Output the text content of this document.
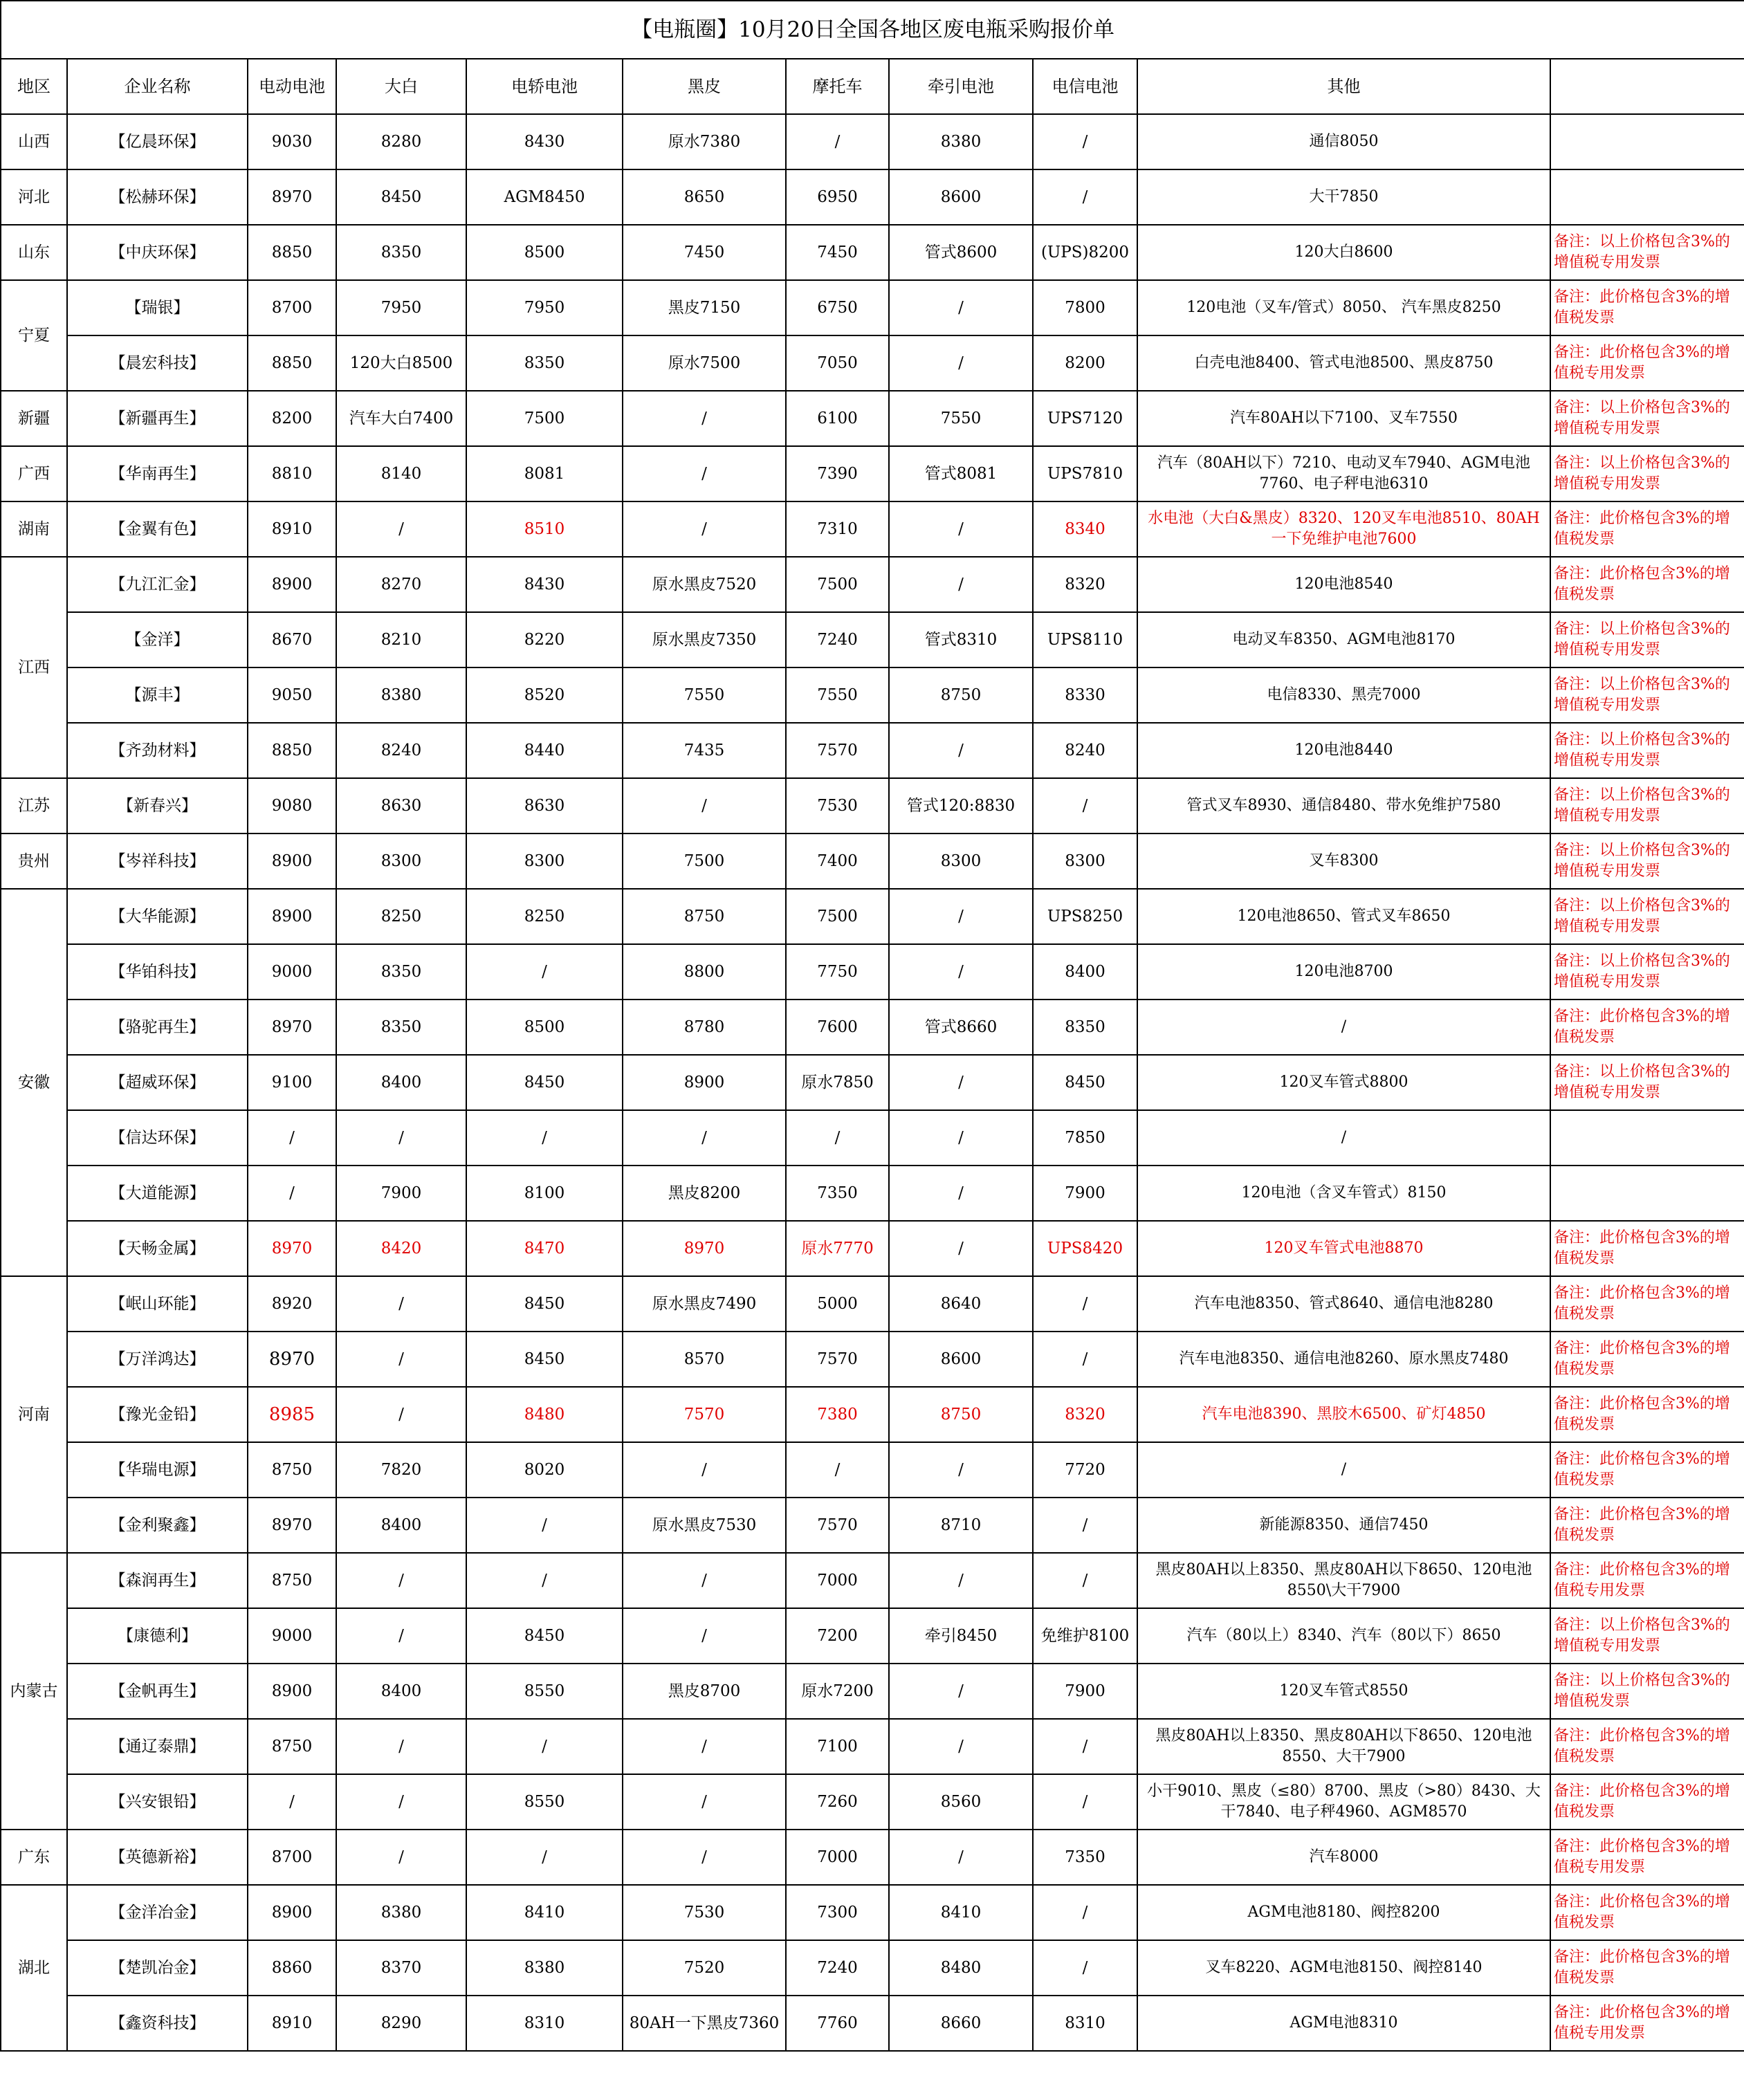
【电瓶圈】10月20日全国各地区废电瓶采购报价单										
地区	企业名称	电动电池	大白	电轿电池	黑皮	摩托车	牵引电池	电信电池	其他	
山西	【亿晨环保】	9030	8280	8430	原水7380	/	8380	/	通信8050	
河北	【松赫环保】	8970	8450	AGM8450	8650	6950	8600	/	大干7850	
山东	【中庆环保】	8850	8350	8500	7450	7450	管式8600	(UPS)8200	120大白8600	备注：以上价格包含3%的增值税专用发票
宁夏	【瑞银】	8700	7950	7950	黑皮7150	6750	/	7800	120电池（叉车/管式）8050、 汽车黑皮8250	备注：此价格包含3%的增值税发票
	【晨宏科技】	8850	120大白8500	8350	原水7500	7050	/	8200	白壳电池8400、管式电池8500、黑皮8750	备注：此价格包含3%的增值税专用发票
新疆	【新疆再生】	8200	汽车大白7400	7500	/	6100	7550	UPS7120	汽车80AH以下7100、叉车7550	备注：以上价格包含3%的增值税专用发票
广西	【华南再生】	8810	8140	8081	/	7390	管式8081	UPS7810	汽车（80AH以下）7210、电动叉车7940、AGM电池7760、电子秤电池6310	备注：以上价格包含3%的增值税专用发票
湖南	【金翼有色】	8910	/	8510	/	7310	/	8340	水电池（大白&黑皮）8320、120叉车电池8510、80AH一下免维护电池7600	备注：此价格包含3%的增值税发票
江西	【九江汇金】	8900	8270	8430	原水黑皮7520	7500	/	8320	120电池8540	备注：此价格包含3%的增值税发票
	【金洋】	8670	8210	8220	原水黑皮7350	7240	管式8310	UPS8110	电动叉车8350、AGM电池8170	备注：以上价格包含3%的增值税专用发票
	【源丰】	9050	8380	8520	7550	7550	8750	8330	电信8330、黑壳7000	备注：以上价格包含3%的增值税专用发票
	【齐劲材料】	8850	8240	8440	7435	7570	/	8240	120电池8440	备注：以上价格包含3%的增值税专用发票
江苏	【新春兴】	9080	8630	8630	/	7530	管式120:8830	/	管式叉车8930、通信8480、带水免维护7580	备注：以上价格包含3%的增值税专用发票
贵州	【岑祥科技】	8900	8300	8300	7500	7400	8300	8300	叉车8300	备注：以上价格包含3%的增值税专用发票
安徽	【大华能源】	8900	8250	8250	8750	7500	/	UPS8250	120电池8650、管式叉车8650	备注：以上价格包含3%的增值税专用发票
	【华铂科技】	9000	8350	/	8800	7750	/	8400	120电池8700	备注：以上价格包含3%的增值税专用发票
	【骆驼再生】	8970	8350	8500	8780	7600	管式8660	8350	/	备注：此价格包含3%的增值税发票
	【超威环保】	9100	8400	8450	8900	原水7850	/	8450	120叉车管式8800	备注：以上价格包含3%的增值税专用发票
	【信达环保】	/	/	/	/	/	/	7850	/	
	【大道能源】	/	7900	8100	黑皮8200	7350	/	7900	120电池（含叉车管式）8150	
	【天畅金属】	8970	8420	8470	8970	原水7770	/	UPS8420	120叉车管式电池8870	备注：此价格包含3%的增值税发票
河南	【岷山环能】	8920	/	8450	原水黑皮7490	5000	8640	/	汽车电池8350、管式8640、通信电池8280	备注：此价格包含3%的增值税发票
	【万洋鸿达】	8970	/	8450	8570	7570	8600	/	汽车电池8350、通信电池8260、原水黑皮7480	备注：此价格包含3%的增值税发票
	【豫光金铅】	8985	/	8480	7570	7380	8750	8320	汽车电池8390、黑胶木6500、矿灯4850	备注：此价格包含3%的增值税发票
	【华瑞电源】	8750	7820	8020	/	/	/	7720	/	备注：此价格包含3%的增值税发票
	【金利聚鑫】	8970	8400	/	原水黑皮7530	7570	8710	/	新能源8350、通信7450	备注：此价格包含3%的增值税发票
内蒙古	【森润再生】	8750	/	/	/	7000	/	/	黑皮80AH以上8350、黑皮80AH以下8650、120电池8550\大干7900	备注：此价格包含3%的增值税专用发票
	【康德利】	9000	/	8450	/	7200	牵引8450	免维护8100	汽车（80以上）8340、汽车（80以下）8650	备注：以上价格包含3%的增值税专用发票
	【金帆再生】	8900	8400	8550	黑皮8700	原水7200	/	7900	120叉车管式8550	备注：以上价格包含3%的增值税发票
	【通辽泰鼎】	8750	/	/	/	7100	/	/	黑皮80AH以上8350、黑皮80AH以下8650、120电池8550、大干7900	备注：此价格包含3%的增值税发票
	【兴安银铅】	/	/	8550	/	7260	8560	/	小干9010、黑皮（≤80）8700、黑皮（>80）8430、大干7840、电子秤4960、AGM8570	备注：此价格包含3%的增值税发票
广东	【英德新裕】	8700	/	/	/	7000	/	7350	汽车8000	备注：此价格包含3%的增值税专用发票
湖北	【金洋冶金】	8900	8380	8410	7530	7300	8410	/	AGM电池8180、阀控8200	备注：此价格包含3%的增值税发票
	【楚凯冶金】	8860	8370	8380	7520	7240	8480	/	叉车8220、AGM电池8150、阀控8140	备注：此价格包含3%的增值税发票
	【鑫资科技】	8910	8290	8310	80AH一下黑皮7360	7760	8660	8310	AGM电池8310	备注：此价格包含3%的增值税专用发票
